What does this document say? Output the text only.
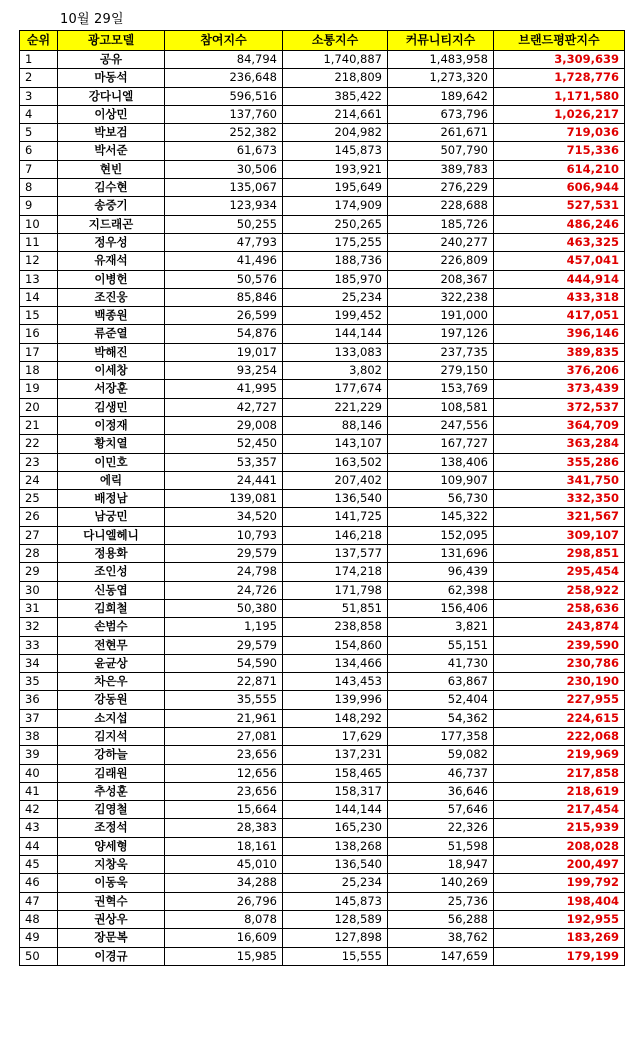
10월 29일
순위	광고모델	참여지수	소통지수	커뮤니티지수	브랜드평판지수
1	공유	84,794	1,740,887	1,483,958	3,309,639
2	마동석	236,648	218,809	1,273,320	1,728,776
3	강다니엘	596,516	385,422	189,642	1,171,580
4	이상민	137,760	214,661	673,796	1,026,217
5	박보검	252,382	204,982	261,671	719,036
6	박서준	61,673	145,873	507,790	715,336
7	현빈	30,506	193,921	389,783	614,210
8	김수현	135,067	195,649	276,229	606,944
9	송중기	123,934	174,909	228,688	527,531
10	지드래곤	50,255	250,265	185,726	486,246
11	정우성	47,793	175,255	240,277	463,325
12	유재석	41,496	188,736	226,809	457,041
13	이병헌	50,576	185,970	208,367	444,914
14	조진웅	85,846	25,234	322,238	433,318
15	백종원	26,599	199,452	191,000	417,051
16	류준열	54,876	144,144	197,126	396,146
17	박해진	19,017	133,083	237,735	389,835
18	이세창	93,254	3,802	279,150	376,206
19	서장훈	41,995	177,674	153,769	373,439
20	김생민	42,727	221,229	108,581	372,537
21	이정재	29,008	88,146	247,556	364,709
22	황치열	52,450	143,107	167,727	363,284
23	이민호	53,357	163,502	138,406	355,286
24	에릭	24,441	207,402	109,907	341,750
25	배정남	139,081	136,540	56,730	332,350
26	남궁민	34,520	141,725	145,322	321,567
27	다니엘헤니	10,793	146,218	152,095	309,107
28	정용화	29,579	137,577	131,696	298,851
29	조인성	24,798	174,218	96,439	295,454
30	신동엽	24,726	171,798	62,398	258,922
31	김희철	50,380	51,851	156,406	258,636
32	손범수	1,195	238,858	3,821	243,874
33	전현무	29,579	154,860	55,151	239,590
34	윤균상	54,590	134,466	41,730	230,786
35	차은우	22,871	143,453	63,867	230,190
36	강동원	35,555	139,996	52,404	227,955
37	소지섭	21,961	148,292	54,362	224,615
38	김지석	27,081	17,629	177,358	222,068
39	강하늘	23,656	137,231	59,082	219,969
40	김래원	12,656	158,465	46,737	217,858
41	추성훈	23,656	158,317	36,646	218,619
42	김영철	15,664	144,144	57,646	217,454
43	조정석	28,383	165,230	22,326	215,939
44	양세형	18,161	138,268	51,598	208,028
45	지창욱	45,010	136,540	18,947	200,497
46	이동욱	34,288	25,234	140,269	199,792
47	권혁수	26,796	145,873	25,736	198,404
48	권상우	8,078	128,589	56,288	192,955
49	장문복	16,609	127,898	38,762	183,269
50	이경규	15,985	15,555	147,659	179,199
